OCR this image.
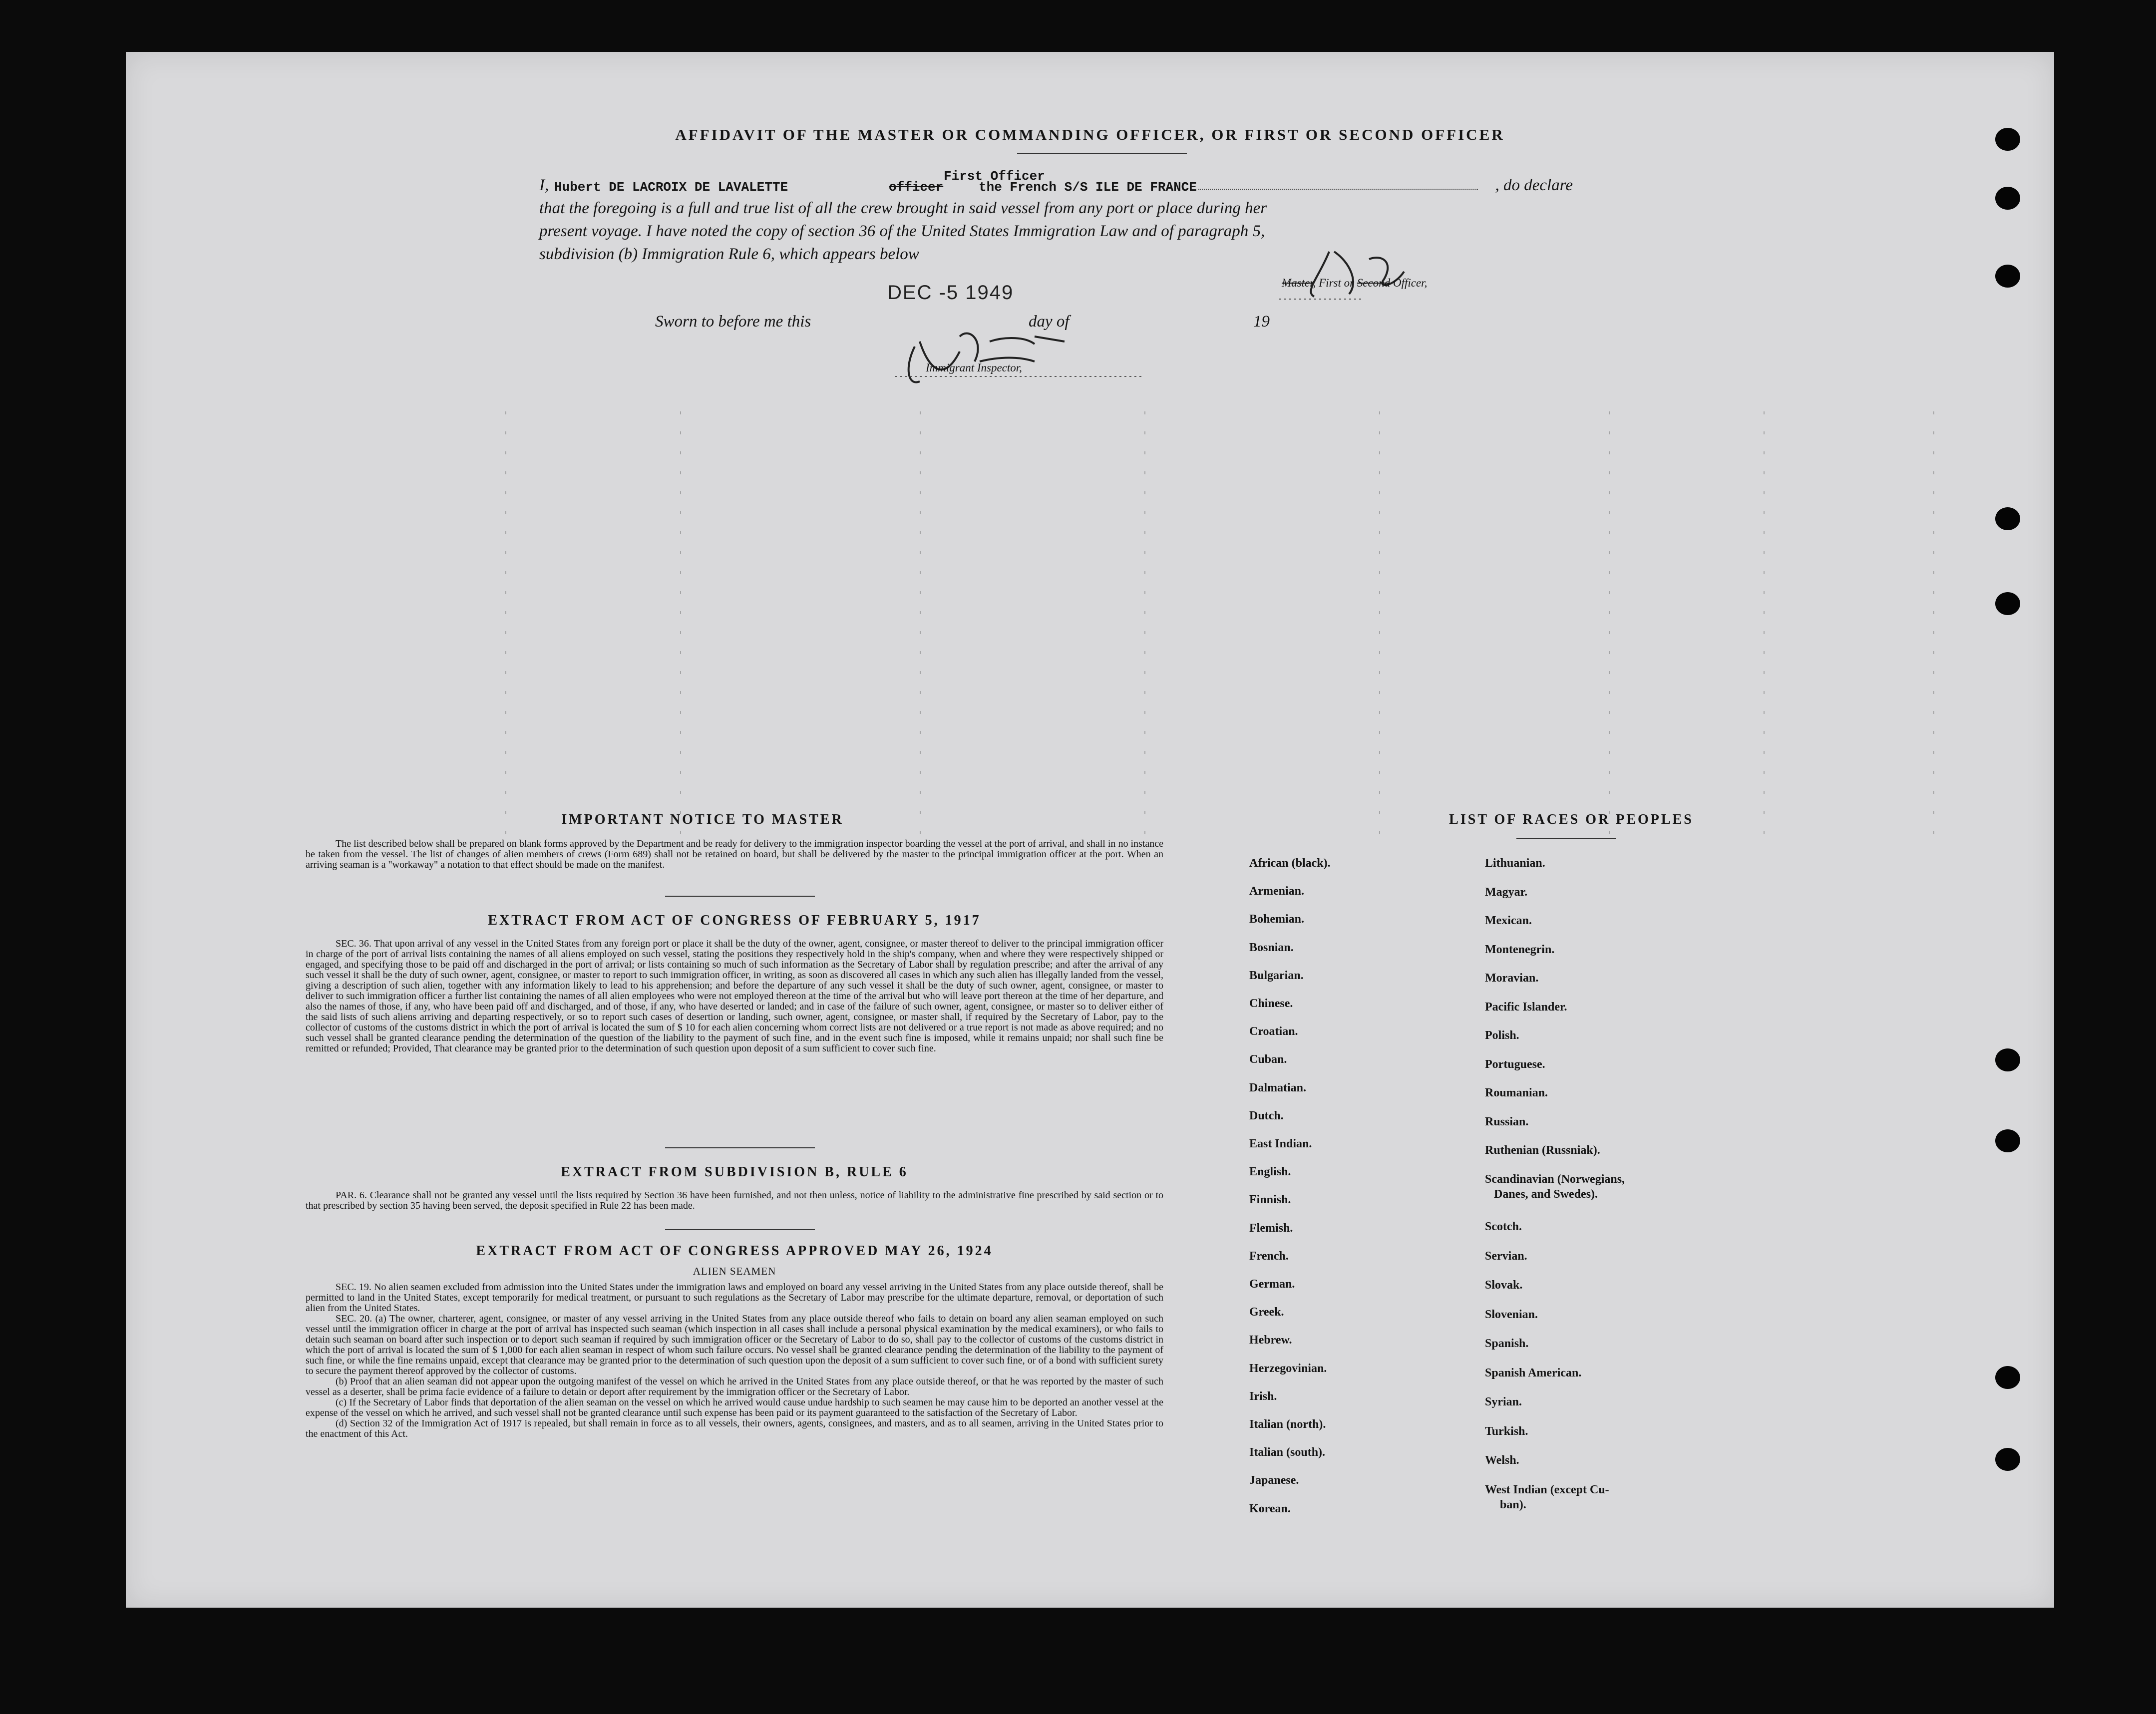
AFFIDAVIT OF THE MASTER OR COMMANDING OFFICER, OR FIRST OR SECOND OFFICER
I, Hubert DE LACROIX DE LAVALETTE
First Officer
officer	the French S/S ILE DE FRANCE	, do declare
that the foregoing is a full and true list of all the crew brought in said vessel from any port or place during her
present voyage. I have noted the copy of section 36 of the United States Immigration Law and of paragraph 5,
subdivision (b) Immigration Rule 6, which appears below
Master, First or Second Officer,
DEC -5 1949
Sworn to before me this	day of	19
Immigrant Inspector,
IMPORTANT NOTICE TO MASTER
The list described below shall be prepared on blank forms approved by the Department and be ready for delivery to the immigration inspector boarding the vessel at the port of arrival, and shall in no instance be taken from the vessel. The list of changes of alien members of crews (Form 689) shall not be retained on board, but shall be delivered by the master to the principal immigration officer at the port. When an arriving seaman is a "workaway" a notation to that effect should be made on the manifest.
EXTRACT FROM ACT OF CONGRESS OF FEBRUARY 5, 1917
SEC. 36. That upon arrival of any vessel in the United States from any foreign port or place it shall be the duty of the owner, agent, consignee, or master thereof to deliver to the principal immigration officer in charge of the port of arrival lists containing the names of all aliens employed on such vessel, stating the positions they respectively hold in the ship's company, when and where they were respectively shipped or engaged, and specifying those to be paid off and discharged in the port of arrival; or lists containing so much of such information as the Secretary of Labor shall by regulation prescribe; and after the arrival of any such vessel it shall be the duty of such owner, agent, consignee, or master to report to such immigration officer, in writing, as soon as discovered all cases in which any such alien has illegally landed from the vessel, giving a description of such alien, together with any information likely to lead to his apprehension; and before the departure of any such vessel it shall be the duty of such owner, agent, consignee, or master to deliver to such immigration officer a further list containing the names of all alien employees who were not employed thereon at the time of the arrival but who will leave port thereon at the time of her departure, and also the names of those, if any, who have been paid off and discharged, and of those, if any, who have deserted or landed; and in case of the failure of such owner, agent, consignee, or master so to deliver either of the said lists of such aliens arriving and departing respectively, or so to report such cases of desertion or landing, such owner, agent, consignee, or master shall, if required by the Secretary of Labor, pay to the collector of customs of the customs district in which the port of arrival is located the sum of $ 10 for each alien concerning whom correct lists are not delivered or a true report is not made as above required; and no such vessel shall be granted clearance pending the determination of the question of the liability to the payment of such fine, and in the event such fine is imposed, while it remains unpaid; nor shall such fine be remitted or refunded; Provided, That clearance may be granted prior to the determination of such question upon deposit of a sum sufficient to cover such fine.
EXTRACT FROM SUBDIVISION B, RULE 6
PAR. 6. Clearance shall not be granted any vessel until the lists required by Section 36 have been furnished, and not then unless, notice of liability to the administrative fine prescribed by said section or to that prescribed by section 35 having been served, the deposit specified in Rule 22 has been made.
EXTRACT FROM ACT OF CONGRESS APPROVED MAY 26, 1924
ALIEN SEAMEN
SEC. 19. No alien seamen excluded from admission into the United States under the immigration laws and employed on board any vessel arriving in the United States from any place outside thereof, shall be permitted to land in the United States, except temporarily for medical treatment, or pursuant to such regulations as the Secretary of Labor may prescribe for the ultimate departure, removal, or deportation of such alien from the United States.
SEC. 20. (a) The owner, charterer, agent, consignee, or master of any vessel arriving in the United States from any place outside thereof who fails to detain on board any alien seaman employed on such vessel until the immigration officer in charge at the port of arrival has inspected such seaman (which inspection in all cases shall include a personal physical examination by the medical examiners), or who fails to detain such seaman on board after such inspection or to deport such seaman if required by such immigration officer or the Secretary of Labor to do so, shall pay to the collector of customs of the customs district in which the port of arrival is located the sum of $ 1,000 for each alien seaman in respect of whom such failure occurs. No vessel shall be granted clearance pending the determination of the liability to the payment of such fine, or while the fine remains unpaid, except that clearance may be granted prior to the determination of such question upon the deposit of a sum sufficient to cover such fine, or of a bond with sufficient surety to secure the payment thereof approved by the collector of customs.
(b) Proof that an alien seaman did not appear upon the outgoing manifest of the vessel on which he arrived in the United States from any place outside thereof, or that he was reported by the master of such vessel as a deserter, shall be prima facie evidence of a failure to detain or deport after requirement by the immigration officer or the Secretary of Labor.
(c) If the Secretary of Labor finds that deportation of the alien seaman on the vessel on which he arrived would cause undue hardship to such seamen he may cause him to be deported an another vessel at the expense of the vessel on which he arrived, and such vessel shall not be granted clearance until such expense has been paid or its payment guaranteed to the satisfaction of the Secretary of Labor.
(d) Section 32 of the Immigration Act of 1917 is repealed, but shall remain in force as to all vessels, their owners, agents, consignees, and masters, and as to all seamen, arriving in the United States prior to the enactment of this Act.
LIST OF RACES OR PEOPLES
African (black).
Armenian.
Bohemian.
Bosnian.
Bulgarian.
Chinese.
Croatian.
Cuban.
Dalmatian.
Dutch.
East Indian.
English.
Finnish.
Flemish.
French.
German.
Greek.
Hebrew.
Herzegovinian.
Irish.
Italian (north).
Italian (south).
Japanese.
Korean.
Lithuanian.
Magyar.
Mexican.
Montenegrin.
Moravian.
Pacific Islander.
Polish.
Portuguese.
Roumanian.
Russian.
Ruthenian (Russniak).
Scandinavian (Norwegians,
Danes, and Swedes).
Scotch.
Servian.
Slovak.
Slovenian.
Spanish.
Spanish American.
Syrian.
Turkish.
Welsh.
West Indian (except Cu-
ban).
